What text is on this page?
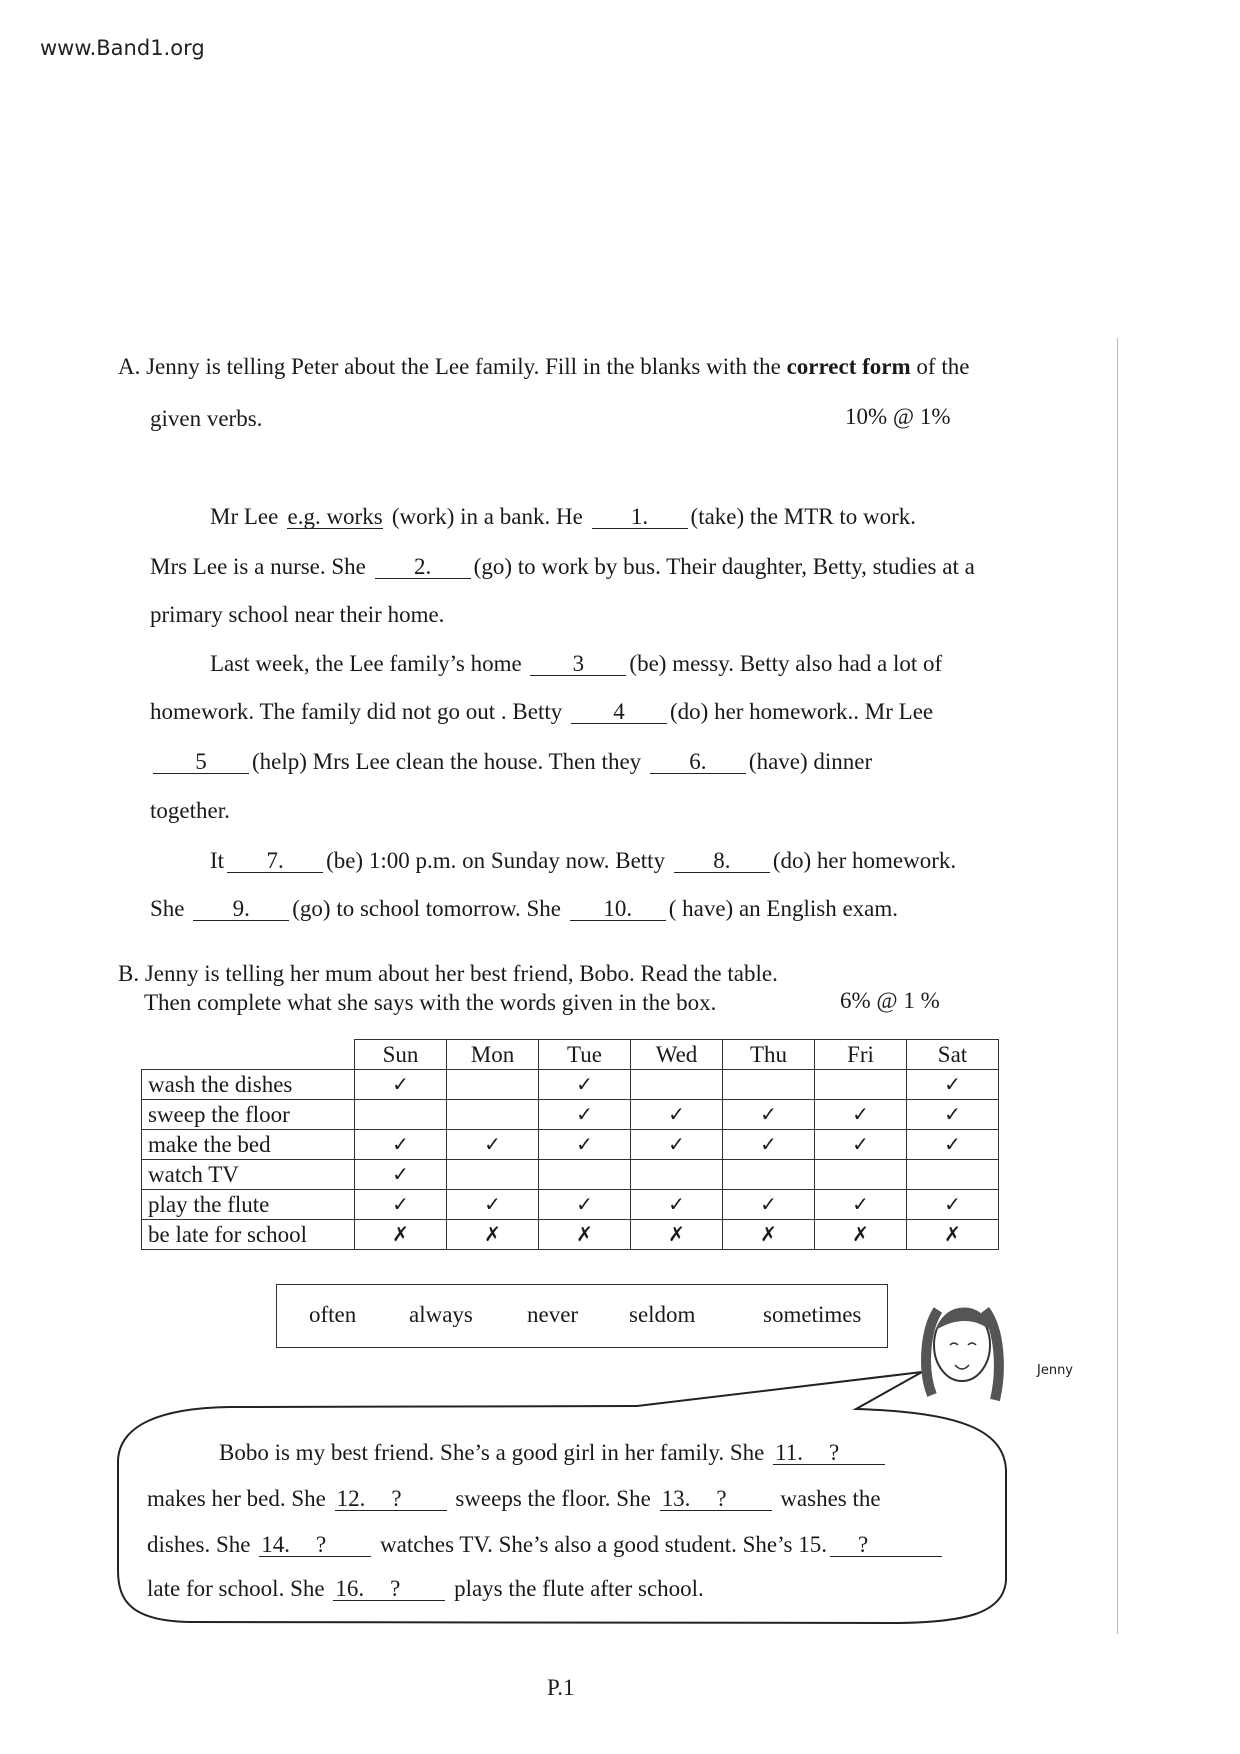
www.Band1.org
A. Jenny is telling Peter about the Lee family. Fill in the blanks with the correct form of the
given verbs.	10% @ 1%
Mr Lee e.g. works (work) in a bank. He 1. (take) the MTR to work.
Mrs Lee is a nurse. She 2. (go) to work by bus. Their daughter, Betty, studies at a
primary school near their home.
Last week, the Lee family’s home 3 (be) messy. Betty also had a lot of
homework. The family did not go out . Betty 4 (do) her homework.. Mr Lee
5 (help) Mrs Lee clean the house. Then they 6. (have) dinner
together.
It 7. (be) 1:00 p.m. on Sunday now. Betty 8. (do) her homework.
She 9. (go) to school tomorrow. She 10. ( have) an English exam.
B. Jenny is telling her mum about her best friend, Bobo. Read the table.
Then complete what she says with the words given in the box.	6% @ 1 %
	Sun	Mon	Tue	Wed	Thu	Fri	Sat
wash the dishes	✓		✓				✓
sweep the floor			✓	✓	✓	✓	✓
make the bed	✓	✓	✓	✓	✓	✓	✓
watch TV	✓						
play the flute	✓	✓	✓	✓	✓	✓	✓
be late for school	✗	✗	✗	✗	✗	✗	✗
often always never seldom	sometimes
Jenny
Bobo is my best friend. She’s a good girl in her family. She 11. ?
makes her bed. She 12. ? sweeps the floor. She 13. ? washes the
dishes. She 14. ? watches TV. She’s also a good student. She’s 15. ?
late for school. She 16. ? plays the flute after school.
P.1
